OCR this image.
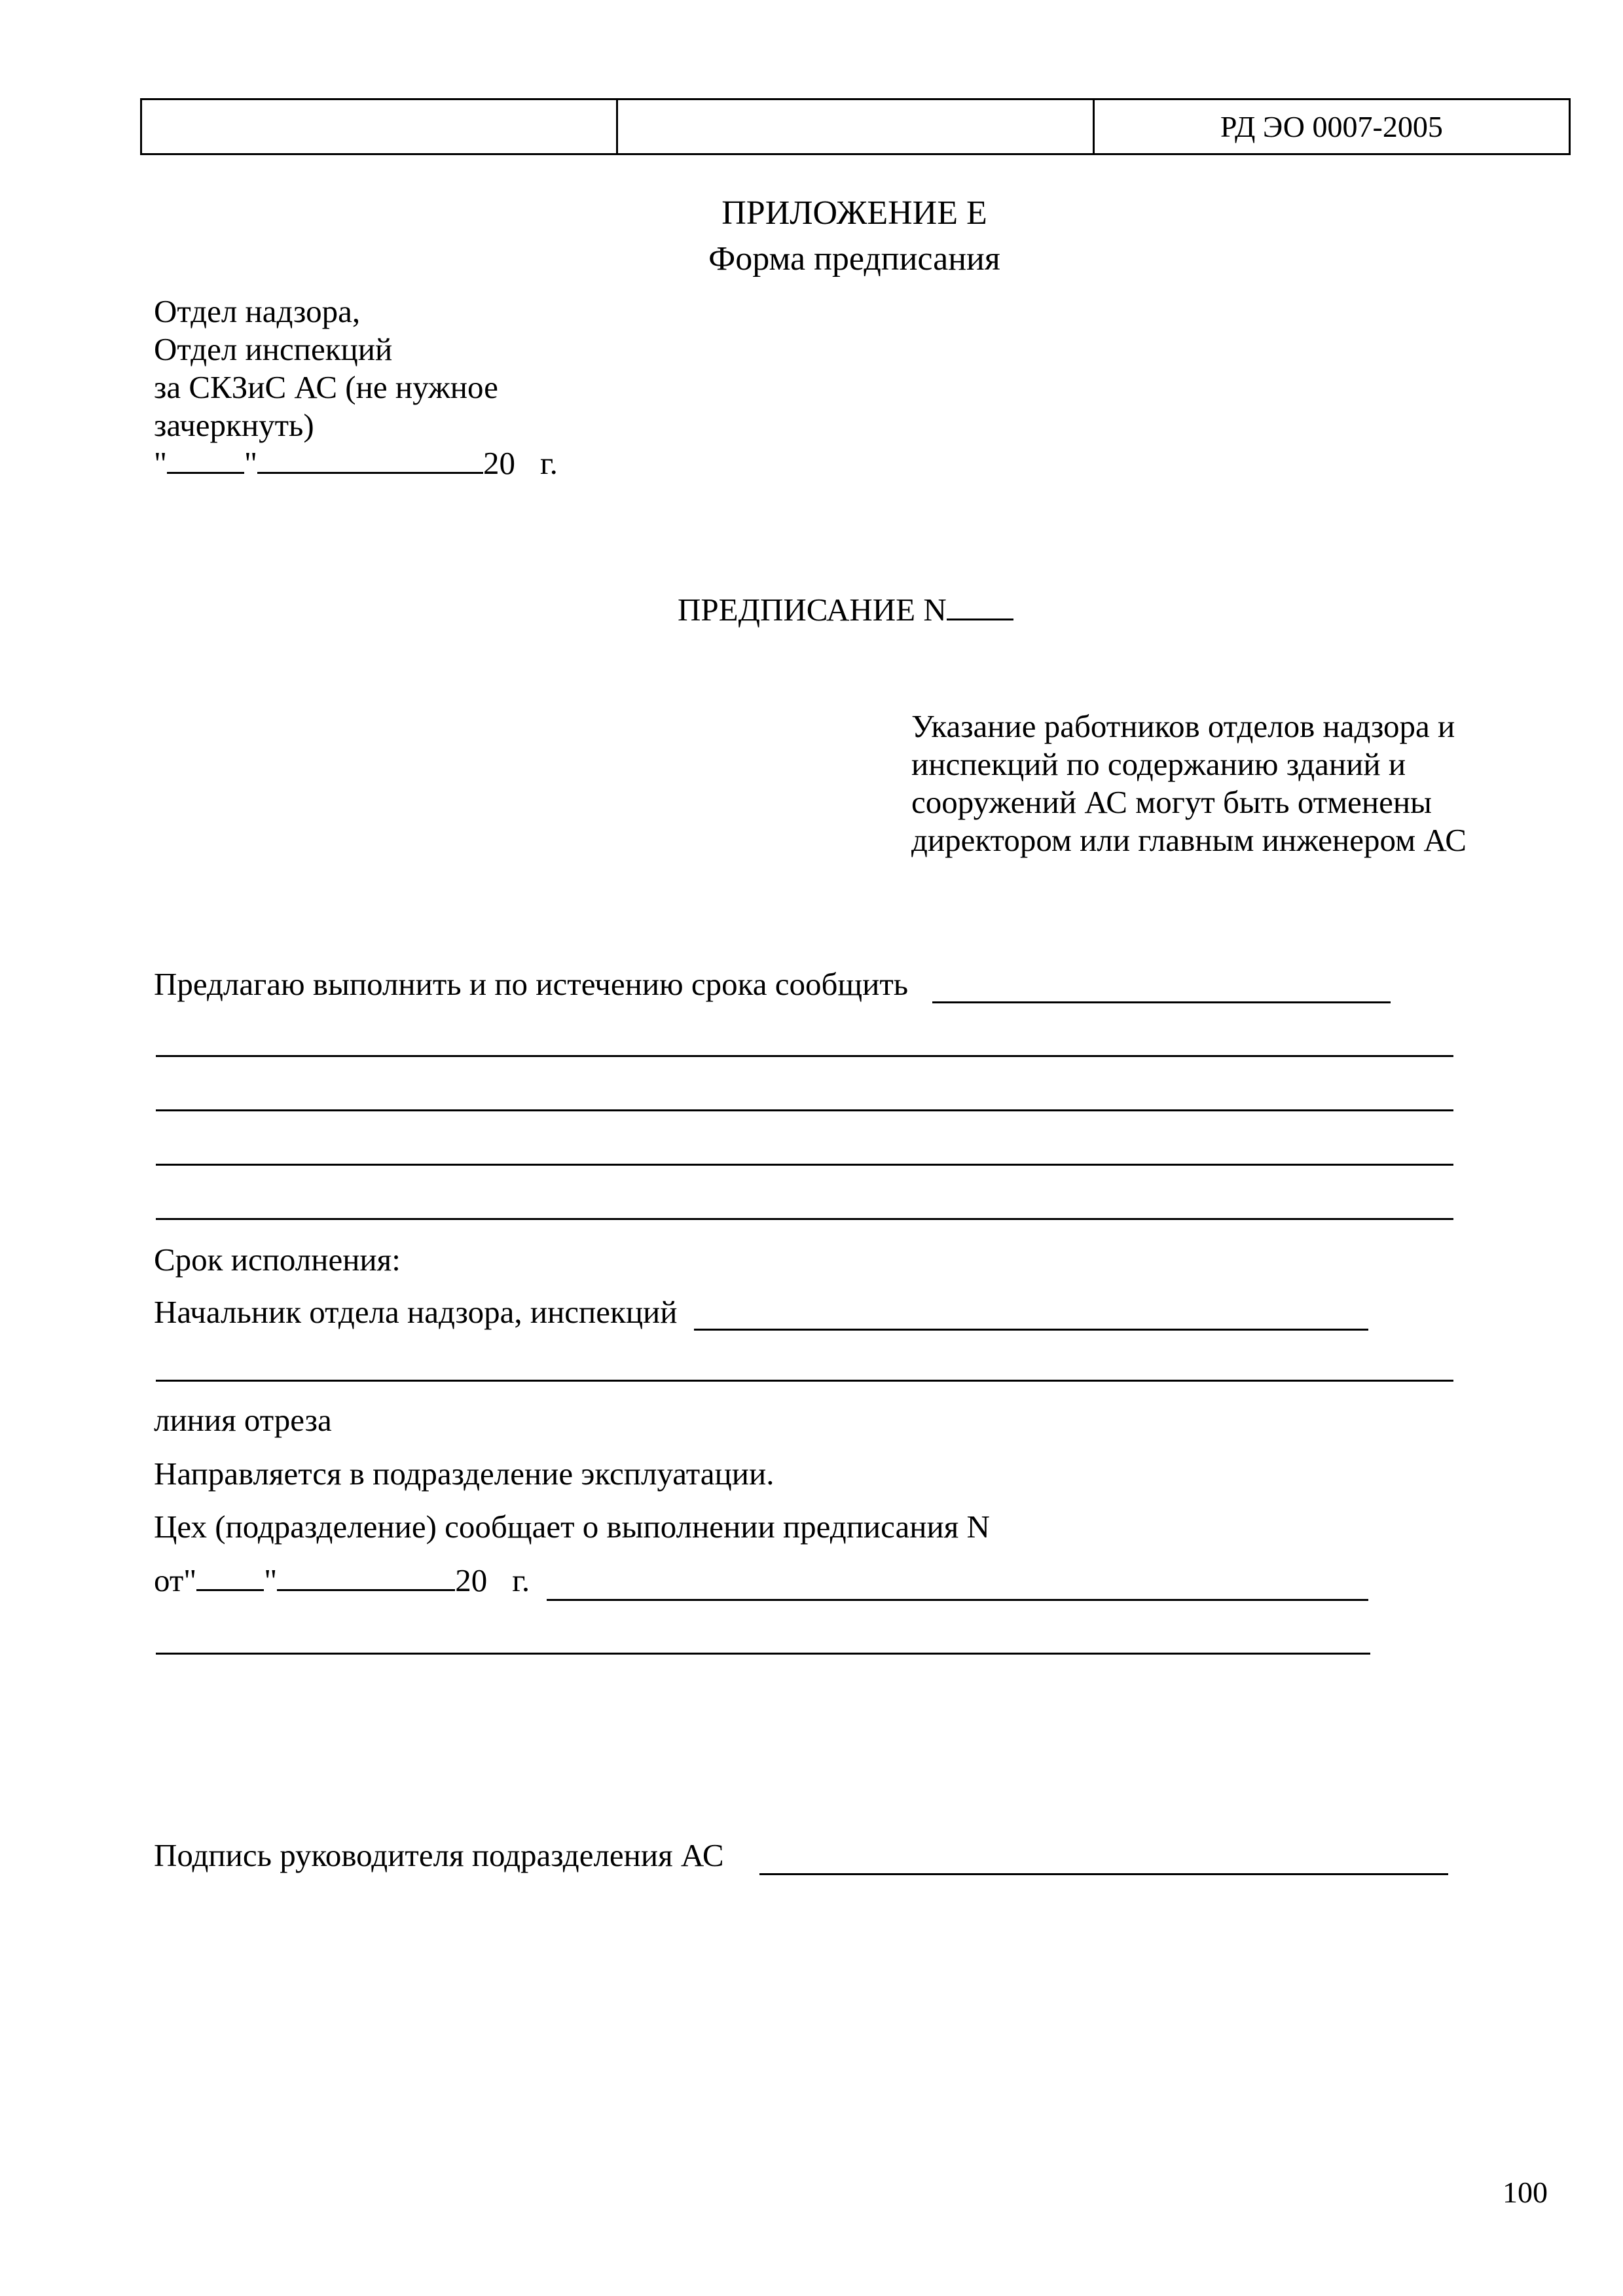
		РД ЭО 0007-2005
ПРИЛОЖЕНИЕ Е
Форма предписания
Отдел надзора,
Отдел инспекций
за СКЗиС АС (не нужное
зачеркнуть)
" "	20 г.
ПРЕДПИСАНИЕ N
Указание работников отделов надзора и
инспекций по содержанию зданий и
сооружений АС могут быть отменены
директором или главным инженером АС
Предлагаю выполнить и по истечению срока сообщить
Срок исполнения:
Начальник отдела надзора, инспекций
линия отреза
Направляется в подразделение эксплуатации.
Цех (подразделение) сообщает о выполнении предписания N
от" "	20 г.
Подпись руководителя подразделения АС
100
